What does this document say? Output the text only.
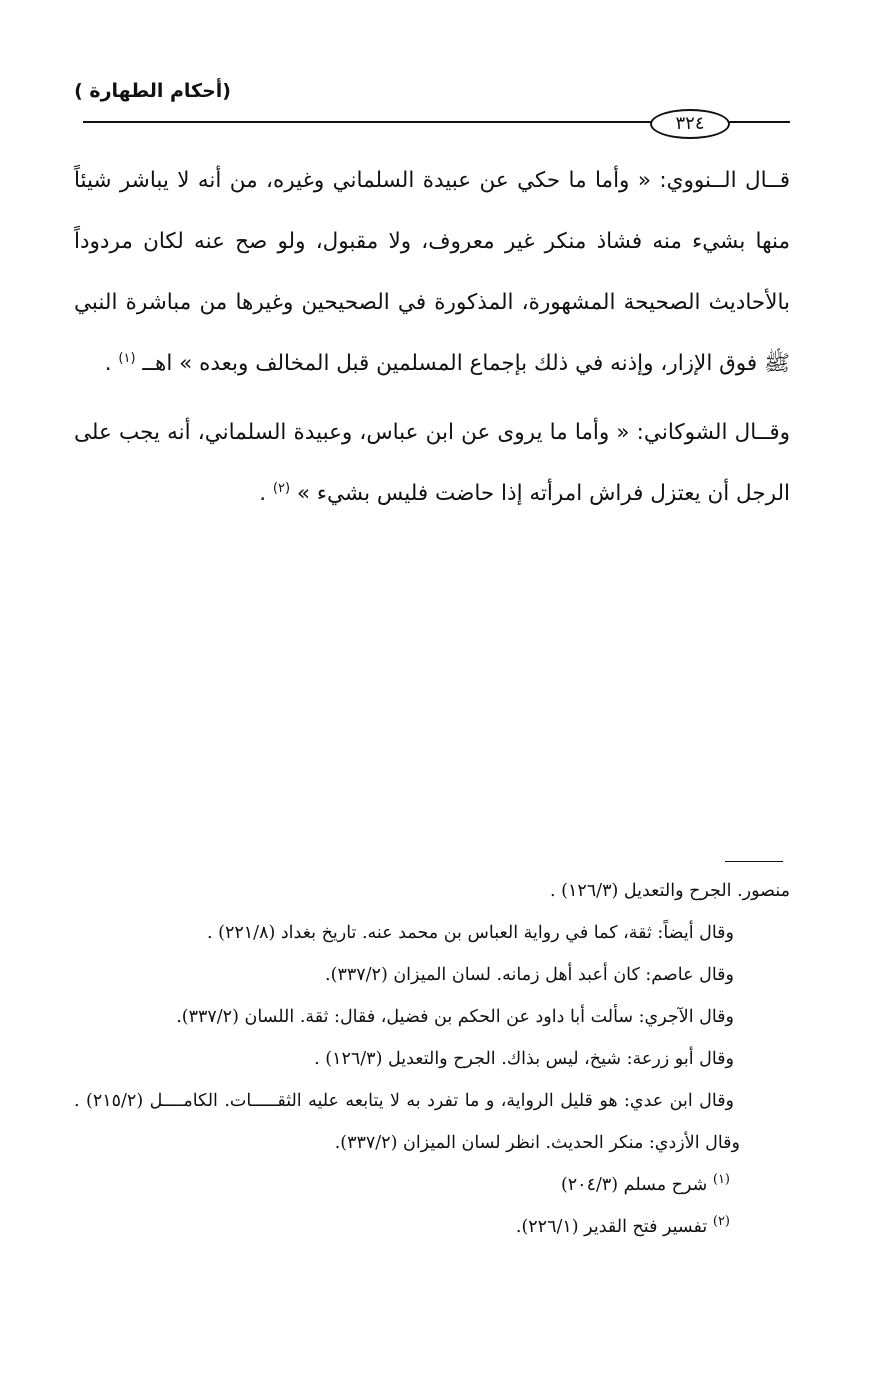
(أحكام الطهارة )
٣٢٤

قــال الــنووي: « وأما ما حكي عن عبيدة السلماني وغيره، من أنه لا يباشر شيئاً منها بشيء منه فشاذ منكر غير معروف، ولا مقبول، ولو صح عنه لكان مردوداً بالأحاديث الصحيحة المشهورة، المذكورة في الصحيحين وغيرها من مباشرة النبي ﷺ فوق الإزار، وإذنه في ذلك بإجماع المسلمين قبل المخالف وبعده » اهــ $^{(١)}$ .

وقــال الشوكاني: « وأما ما يروى عن ابن عباس، وعبيدة السلماني، أنه يجب على الرجل أن يعتزل فراش امرأته إذا حاضت فليس بشيء » $^{(٢)}$ .

منصور. الجرح والتعديل (١٢٦/٣) .

وقال أيضاً: ثقة، كما في رواية العباس بن محمد عنه. تاريخ بغداد (٢٢١/٨) .

وقال عاصم: كان أعبد أهل زمانه. لسان الميزان (٣٣٧/٢).

وقال الآجري: سألت أبا داود عن الحكم بن فضيل، فقال: ثقة. اللسان (٣٣٧/٢).

وقال أبو زرعة: شيخ، ليس بذاك. الجرح والتعديل (١٢٦/٣) .

وقال ابن عدي: هو قليل الرواية، و ما تفرد به لا يتابعه عليه الثقـــــات. الكامــــل (٢١٥/٢) .

وقال الأزدي: منكر الحديث. انظر لسان الميزان (٣٣٧/٢).

$^{(١)}$ شرح مسلم (٢٠٤/٣)

$^{(٢)}$ تفسير فتح القدير (٢٢٦/١).
